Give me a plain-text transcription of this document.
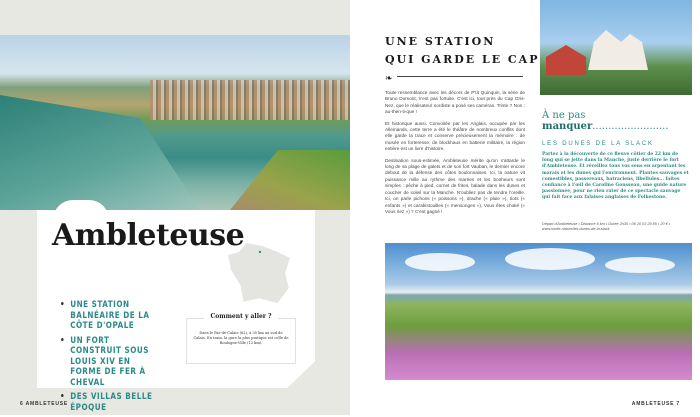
Ambleteuse .
• UNE STATION BALNÉAIRE DE LA CÔTE D'OPALE
• UN FORT CONSTRUIT SOUS LOUIS XIV EN FORME DE FER À CHEVAL
• DES VILLAS BELLE ÉPOQUE
Comment y aller ?

Dans le Pas-de-Calais (62), à 30 km au sud de Calais. En train, la gare la plus pratique est celle de Boulogne-Ville (12 km).

6 AMBLETEUSE
UNE STATION
QUI GARDE LE CAP
❧

Toute ressemblance avec les décors de P'tit Quinquin, la série de Bruno Dumont, n'est pas fortuite. C'est ici, tout près du Cap Gris-Nez, que le réalisateur nordiste a posé ses caméras. Triste ? Non : au-then-ti-que !

Et historique aussi. Convoitée par les Anglais, occupée par les Allemands, cette terre a été le théâtre de nombreux conflits dont elle garde la trace et conserve précieusement la mémoire : de musée en forteresse, de blockhaus en batterie militaire, la région entière est un livre d'histoire.

Destination sous-estimée, Ambleteuse mérite qu'on s'attarde le long de sa plage de galets et de son fort Vauban, le dernier encore debout de la défense des côtes boulonnaises. Ici, la nature vit puissance mille au rythme des marées et les bonheurs sont simples : pêche à pied, cornet de frites, balade dans les dunes et coucher de soleil sur la Manche. N'oubliez pas de tendre l'oreille. Ici, on parle pichons (« poissons »), drache (« pluie »), tiots (« enfants ») et carabistouilles (« mensonges »). Vous êtes choké (« Vous riez ») ? C'est gagné !

À ne pas
manquer........................
LES DUNES DE LA SLACK
Partez à la découverte de ce fleuve côtier de 22 km de long qui se jette dans la Manche, juste derrière le fort d'Ambleteuse. Et réveillez tous vos sens en arpentant les marais et les dunes qui l'environnent. Plantes sauvages et comestibles, passereaux, batraciens, libellules... faites confiance à l'œil de Caroline Gonsseau, une guide nature passionnée, pour ne rien rater de ce spectacle sauvage qui fait face aux falaises anglaises de Folkestone.
Départ d'Ambleteuse • Distance 6 km • Durée 2h30 • 06 10 03 29 85 • 20 € • www.sortie-nature/les-dunes-de-la-slack
AMBLETEUSE 7
